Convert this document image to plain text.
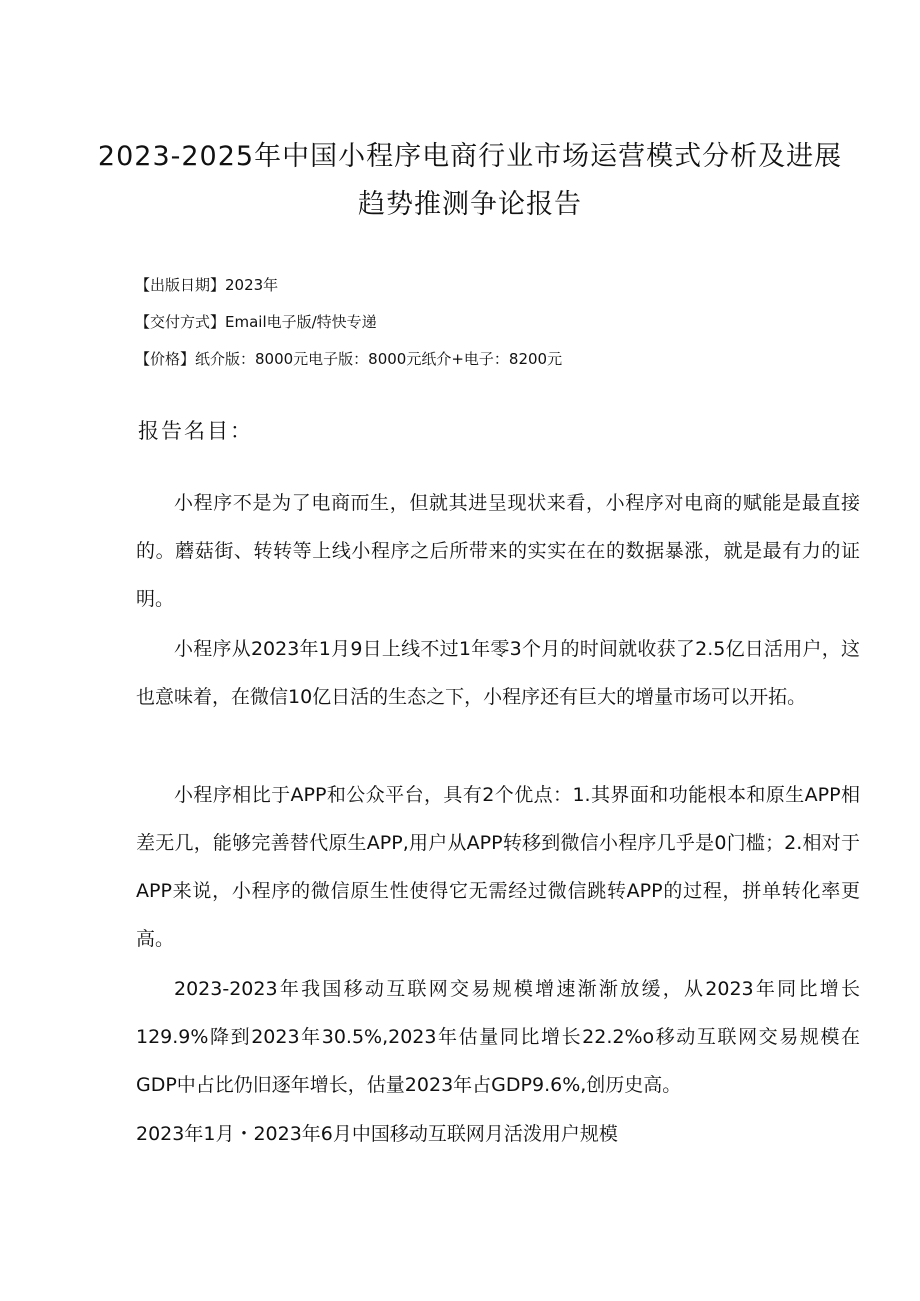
2023-2025年中国小程序电商行业市场运营模式分析及进展
趋势推测争论报告
【出版日期】2023年
【交付方式】Email电子版/特快专递
【价格】纸介版：8000元电子版：8000元纸介+电子：8200元
报告名目：

小程序不是为了电商而生，但就其进呈现状来看，小程序对电商的赋能是最直接的。蘑菇街、转转等上线小程序之后所带来的实实在在的数据暴涨，就是最有力的证明。

小程序从2023年1月9日上线不过1年零3个月的时间就收获了2.5亿日活用户，这也意味着，在微信10亿日活的生态之下，小程序还有巨大的增量市场可以开拓。

小程序相比于APP和公众平台，具有2个优点：1.其界面和功能根本和原生APP相差无几，能够完善替代原生APP,用户从APP转移到微信小程序几乎是0门槛；2.相对于APP来说，小程序的微信原生性使得它无需经过微信跳转APP的过程，拼单转化率更高。

2023-2023年我国移动互联网交易规模增速渐渐放缓，从2023年同比增长129.9%降到2023年30.5%,2023年估量同比增长22.2%o移动互联网交易规模在GDP中占比仍旧逐年增长，估量2023年占GDP9.6%,创历史高。

2023年1月・2023年6月中国移动互联网月活泼用户规模
